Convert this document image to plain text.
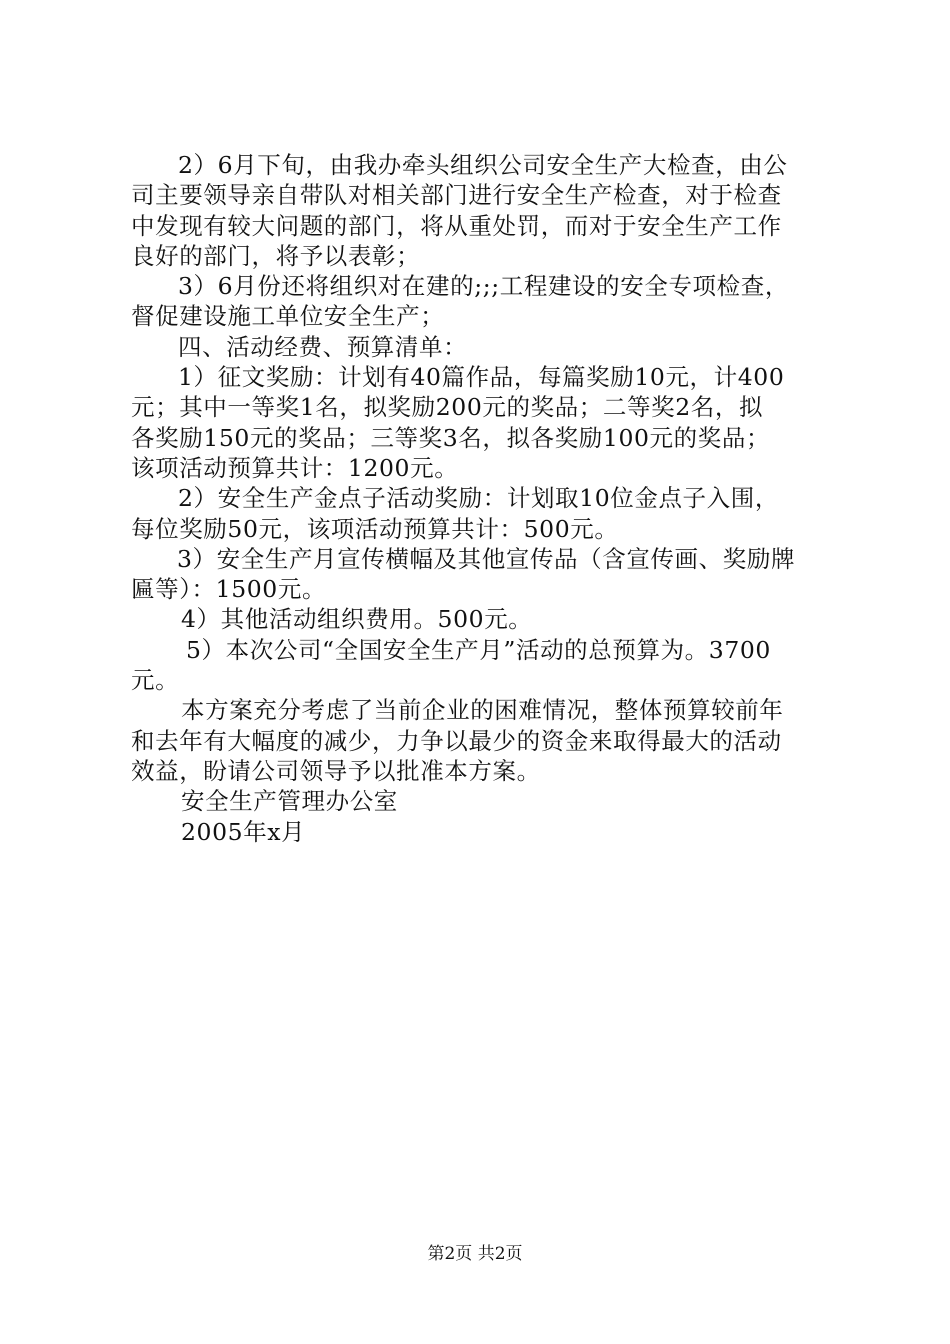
2）6月下旬，由我办牵头组织公司安全生产大检查，由公
司主要领导亲自带队对相关部门进行安全生产检查，对于检查
中发现有较大问题的部门，将从重处罚，而对于安全生产工作
良好的部门，将予以表彰；
3）6月份还将组织对在建的;;;工程建设的安全专项检查，
督促建设施工单位安全生产；
四、活动经费、预算清单：
1）征文奖励：计划有40篇作品，每篇奖励10元，计400
元；其中一等奖1名，拟奖励200元的奖品；二等奖2名，拟
各奖励150元的奖品；三等奖3名，拟各奖励100元的奖品；
该项活动预算共计：1200元。
2）安全生产金点子活动奖励：计划取10位金点子入围，
每位奖励50元，该项活动预算共计：500元。
3）安全生产月宣传横幅及其他宣传品（含宣传画、奖励牌
匾等）：1500元。
4）其他活动组织费用。500元。
5）本次公司“全国安全生产月”活动的总预算为。3700
元。
本方案充分考虑了当前企业的困难情况，整体预算较前年
和去年有大幅度的减少，力争以最少的资金来取得最大的活动
效益，盼请公司领导予以批准本方案。
安全生产管理办公室
2005年x月
第2页 共2页
